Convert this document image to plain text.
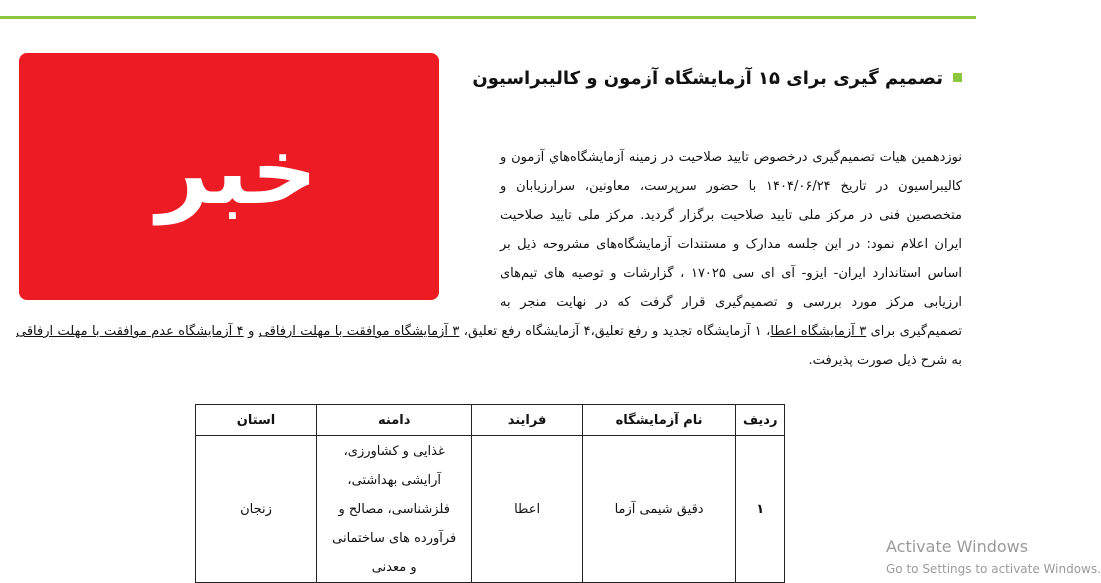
خبر
تصمیم گیری برای ۱۵ آزمایشگاه آزمون و کالیبراسیون
نوزدهمین هیات تصمیم‌گیری درخصوص تایید صلاحیت در زمینه آزمایشگاه‌هاي آزمون و کالیبراسیون در تاریخ ۱۴۰۴/۰۶/۲۴ با حضور سرپرست، معاونین، سرارزیابان و متخصصین فنی در مرکز ملی تایید صلاحیت برگزار گردید. مرکز ملی تایید صلاحیت ایران اعلام نمود: در این جلسه مدارک و مستندات آزمایشگاه‌های مشروحه ذیل بر اساس استاندارد ایران- ایزو- آی ای سی ۱۷۰۲۵ ، گزارشات و توصیه های تیم‌های ارزیابی مرکز مورد بررسی و تصمیم‌گیری قرار گرفت که در نهایت منجر به تصمیم‌گیری برای ۳ آزمایشگاه اعطا، ۱ آزمایشگاه تجدید و رفع تعلیق،۴ آزمایشگاه رفع تعلیق، ۳ آزمایشگاه موافقت با مهلت ارفاقی و ۴ آزمایشگاه عدم موافقت با مهلت ارفاقی به شرح ذیل صورت پذیرفت.
ردیف	نام آزمایشگاه	فرایند	دامنه	استان
۱	دقیق شیمی آزما	اعطا	غذایی و کشاورزی، آرایشی بهداشتی، فلزشناسی، مصالح و فرآورده های ساختمانی و معدنی	زنجان
Activate Windows
Go to Settings to activate Windows.
